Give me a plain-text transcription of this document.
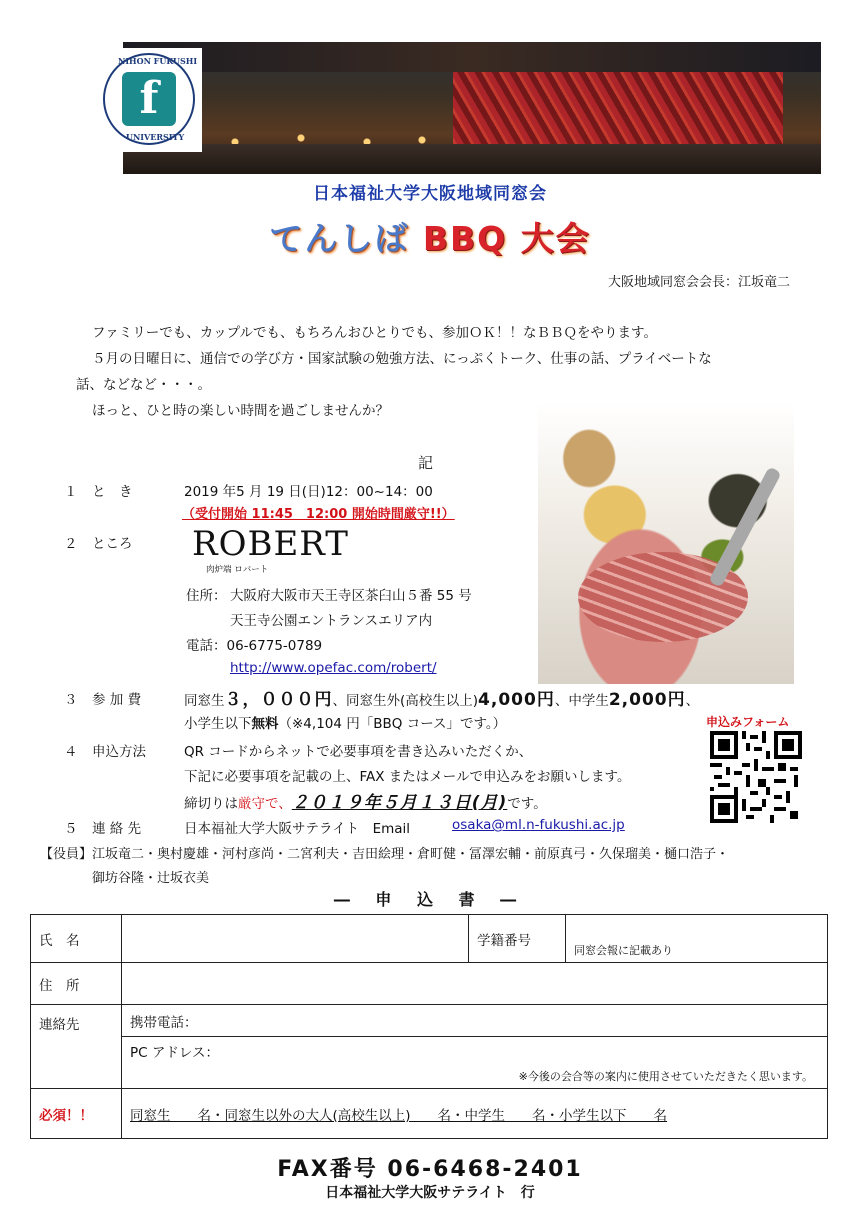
NIHON FUKUSHI
f
UNIVERSITY
日本福祉大学大阪地域同窓会
てんしば BBQ 大会
大阪地域同窓会会長：江坂竜二
ファミリーでも、カップルでも、もちろんおひとりでも、参加ＯＫ！！なＢＢＱをやります。
５月の日曜日に、通信での学び方・国家試験の勉強方法、にっぷくトーク、仕事の話、プライベートな
話、などなど・・・。
ほっと、ひと時の楽しい時間を過ごしませんか？
記
１ と　き	2019 年5 月 19 日(日)12：00~14：00
（受付開始 11:45　12:00 開始時間厳守!!）
２ ところ ROBERT
肉炉端 ロバート
住所： 大阪府大阪市天王寺区茶臼山５番 55 号
天王寺公園エントランスエリア内
電話：06-6775-0789
http://www.opefac.com/robert/
３ 参 加 費	同窓生３，０００円、同窓生外(高校生以上)4,000円、中学生2,000円、
小学生以下無料（※4,104 円「BBQ コース」です。）
４ 申込方法	QR コードからネットで必要事項を書き込みいただくか、
下記に必要事項を記載の上、FAX またはメールで申込みをお願いします。
締切りは厳守で、２０１９年５月１３日(月)です。
申込みフォーム
５ 連 絡 先	日本福祉大学大阪サテライト　Email	osaka@ml.n-fukushi.ac.jp
【役員】江坂竜二・奥村慶雄・河村彦尚・二宮利夫・吉田絵理・倉町健・冨澤宏輔・前原真弓・久保瑠美・樋口浩子・
御坊谷隆・辻坂衣美
― 申 込 書 ―
氏　名		学籍番号	同窓会報に記載あり
住　所			
連絡先	携帯電話：		
	PC アドレス：
※今後の会合等の案内に使用させていただきたく思います。		

必須！！	同窓生　　名・同窓生以外の大人(高校生以上)　　名・中学生　　名・小学生以下　　名		
FAX番号 06-6468-2401
日本福祉大学大阪サテライト　行
